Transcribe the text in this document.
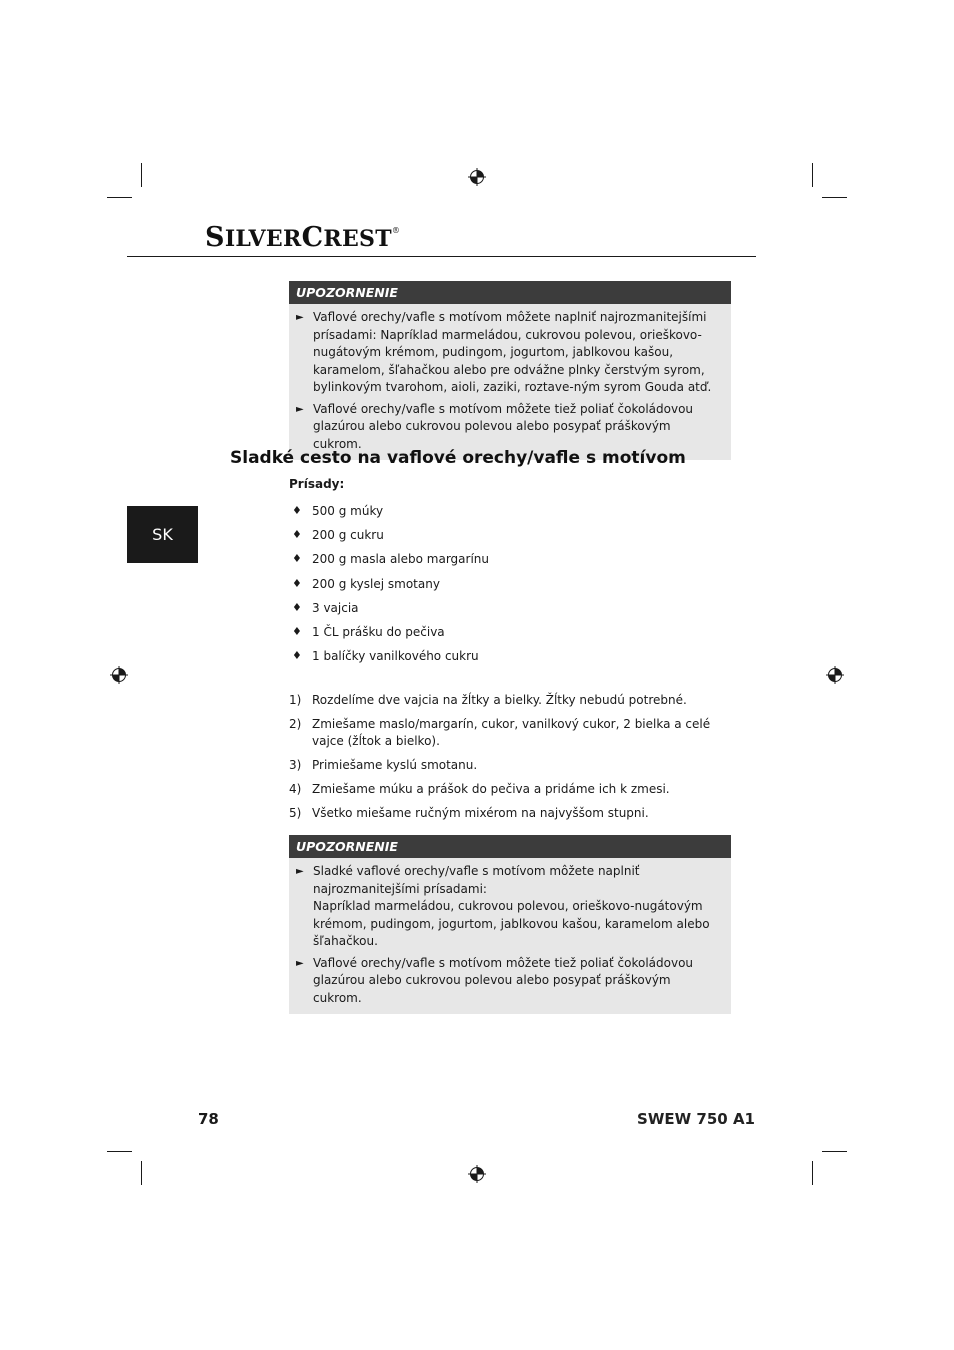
SILVERCREST®
SK
UPOZORNENIE
► Vaflové orechy/vafle s motívom môžete naplniť najrozmanitejšími prísadami: Napríklad marmeládou, cukrovou polevou, orieškovo-nugátovým krémom, pudingom, jogurtom, jablkovou kašou, karamelom, šľahačkou alebo pre odvážne plnky čerstvým syrom, bylinkovým tvarohom, aioli, zaziki, roztave-ným syrom Gouda atď.

► Vaflové orechy/vafle s motívom môžete tiež poliať čokoládovou glazúrou alebo cukrovou polevou alebo posypať práškovým cukrom.

Sladké cesto na vaflové orechy/vafle s motívom
Prísady:
♦ 500 g múky
♦ 200 g cukru
♦ 200 g masla alebo margarínu
♦ 200 g kyslej smotany
♦ 3 vajcia
♦ 1 ČL prášku do pečiva
♦ 1 balíčky vanilkového cukru
1) Rozdelíme dve vajcia na žĺtky a bielky. Žĺtky nebudú potrebné.
2) Zmiešame maslo/margarín, cukor, vanilkový cukor, 2 bielka a celé vajce (žĺtok a bielko).
3) Primiešame kyslú smotanu.
4) Zmiešame múku a prášok do pečiva a pridáme ich k zmesi.
5) Všetko miešame ručným mixérom na najvyššom stupni.
UPOZORNENIE
► Sladké vaflové orechy/vafle s motívom môžete naplniť najrozmanitejšími prísadami:

Napríklad marmeládou, cukrovou polevou, orieškovo-nugátovým krémom, pudingom, jogurtom, jablkovou kašou, karamelom alebo šľahačkou.

► Vaflové orechy/vafle s motívom môžete tiež poliať čokoládovou glazúrou alebo cukrovou polevou alebo posypať práškovým cukrom.

78	SWEW 750 A1
